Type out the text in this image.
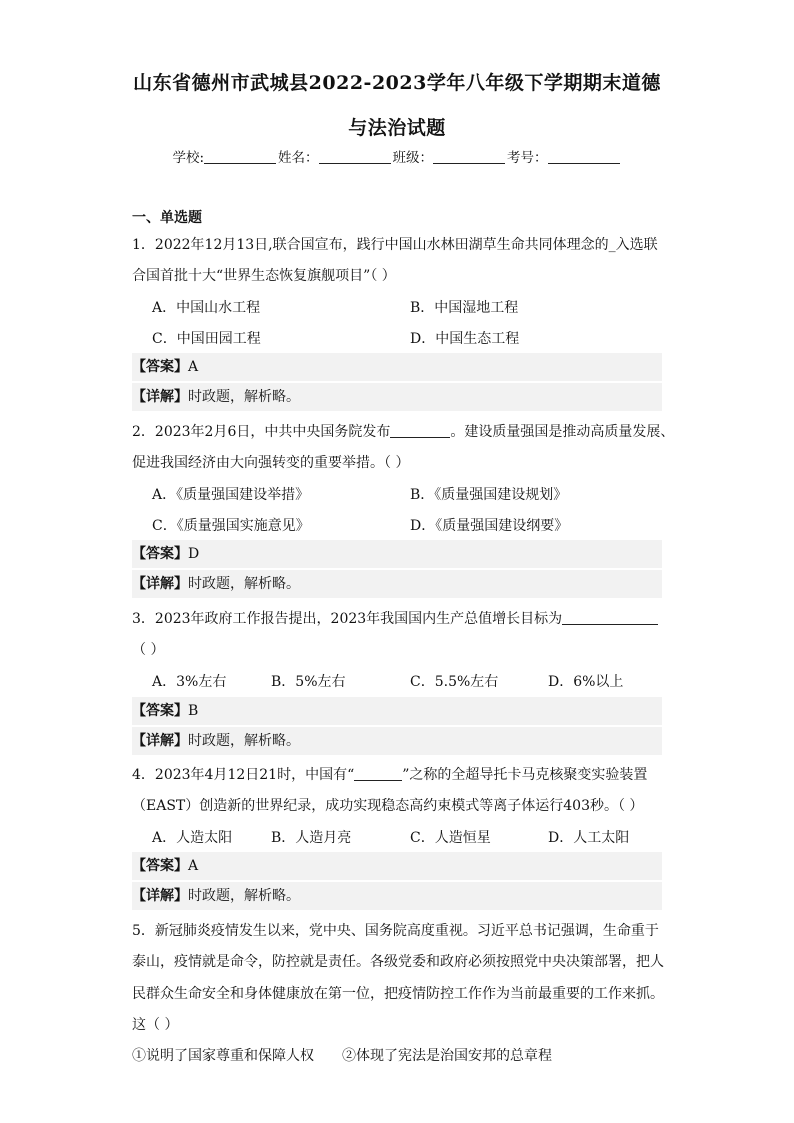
山东省德州市武城县2022-2023学年八年级下学期期末道德
与法治试题
学校:	姓名：	班级：	考号：
一、单选题
1．2022年12月13日,联合国宣布，践行中国山水林田湖草生命共同体理念的_入选联
合国首批十大“世界生态恢复旗舰项目”（ ）
A．中国山水工程	B．中国湿地工程
C．中国田园工程	D．中国生态工程
【答案】A
【详解】时政题，解析略。
2．2023年2月6日，中共中央国务院发布	。建设质量强国是推动高质量发展、
促进我国经济由大向强转变的重要举措。（ ）
A．《质量强国建设举措》	B．《质量强国建设规划》
C．《质量强国实施意见》	D．《质量强国建设纲要》
【答案】D
【详解】时政题，解析略。
3．2023年政府工作报告提出，2023年我国国内生产总值增长目标为
（ ）
A．3%左右	B．5%左右	C．5.5%左右	D．6%以上
【答案】B
【详解】时政题，解析略。
4．2023年4月12日21时，中国有“	”之称的全超导托卡马克核聚变实验装置
（EAST）创造新的世界纪录，成功实现稳态高约束模式等离子体运行403秒。（ ）
A．人造太阳	B．人造月亮	C．人造恒星	D．人工太阳
【答案】A
【详解】时政题，解析略。
5．新冠肺炎疫情发生以来，党中央、国务院高度重视。习近平总书记强调，生命重于
泰山，疫情就是命令，防控就是责任。各级党委和政府必须按照党中央决策部署，把人
民群众生命安全和身体健康放在第一位，把疫情防控工作作为当前最重要的工作来抓。
这（ ）
①说明了国家尊重和保障人权 ②体现了宪法是治国安邦的总章程
